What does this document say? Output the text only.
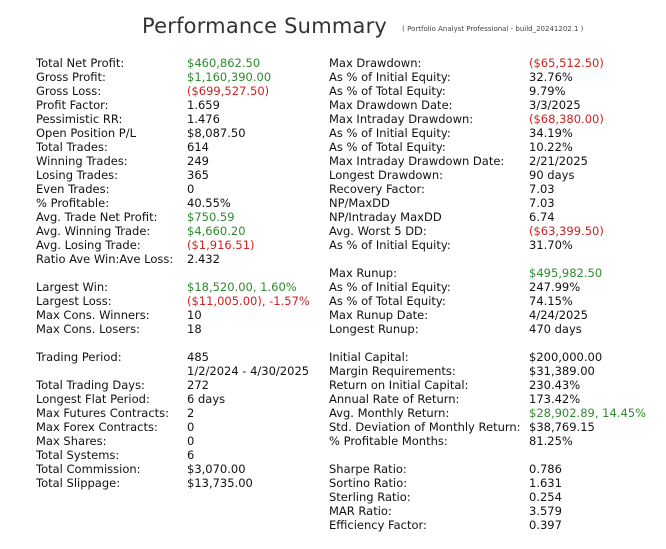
Performance Summary ( Portfolio Analyst Professional - build_20241202.1 )
Total Net Profit:	$460,862.50
Gross Profit:	$1,160,390.00
Gross Loss:	($699,527.50)
Profit Factor:	1.659
Pessimistic RR:	1.476
Open Position P/L	$8,087.50
Total Trades:	614
Winning Trades:	249
Losing Trades:	365
Even Trades:	0
% Profitable:	40.55%
Avg. Trade Net Profit:	$750.59
Avg. Winning Trade:	$4,660.20
Avg. Losing Trade:	($1,916.51)
Ratio Ave Win:Ave Loss: 2.432
Largest Win:	$18,520.00, 1.60%
Largest Loss:	($11,005.00), -1.57%
Max Cons. Winners:	10
Max Cons. Losers:	18
Trading Period:	485
1/2/2024 - 4/30/2025
Total Trading Days:	272
Longest Flat Period:	6 days
Max Futures Contracts: 2
Max Forex Contracts:	0
Max Shares:	0
Total Systems:	6
Total Commission:	$3,070.00
Total Slippage:	$13,735.00
Max Drawdown:	($65,512.50)
As % of Initial Equity:	32.76%
As % of Total Equity:	9.79%
Max Drawdown Date:	3/3/2025
Max Intraday Drawdown:	($68,380.00)
As % of Initial Equity:	34.19%
As % of Total Equity:	10.22%
Max Intraday Drawdown Date: 2/21/2025
Longest Drawdown:	90 days
Recovery Factor:	7.03
NP/MaxDD	7.03
NP/Intraday MaxDD	6.74
Avg. Worst 5 DD:	($63,399.50)
As % of Initial Equity:	31.70%
Max Runup:	$495,982.50
As % of Initial Equity:	247.99%
As % of Total Equity:	74.15%
Max Runup Date:	4/24/2025
Longest Runup:	470 days
Initial Capital:	$200,000.00
Margin Requirements:	$31,389.00
Return on Initial Capital:	230.43%
Annual Rate of Return:	173.42%
Avg. Monthly Return:	$28,902.89, 14.45%
Std. Deviation of Monthly Return: $38,769.15
% Profitable Months:	81.25%
Sharpe Ratio:	0.786
Sortino Ratio:	1.631
Sterling Ratio:	0.254
MAR Ratio:	3.579
Efficiency Factor:	0.397
